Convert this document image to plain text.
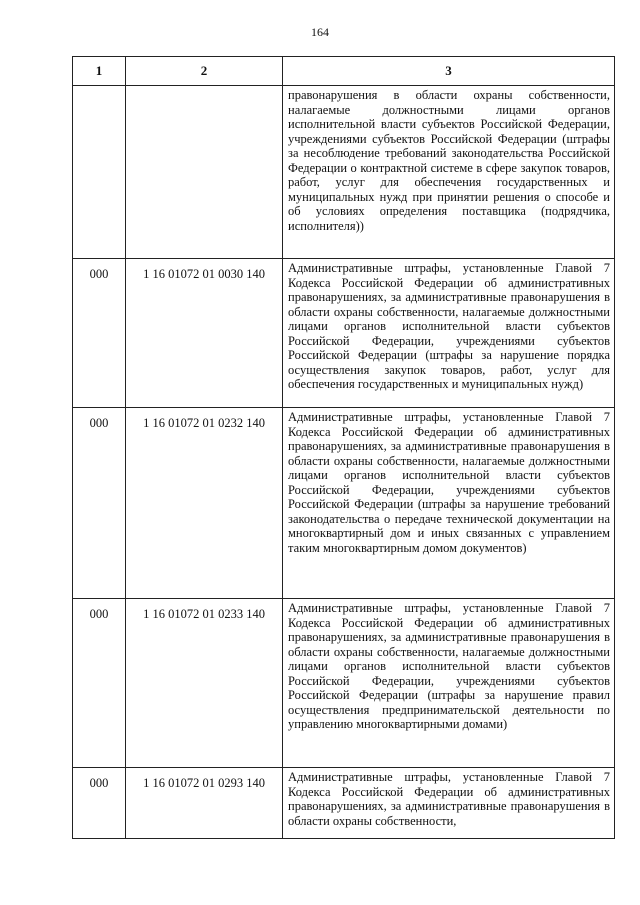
164
1	2	3
		правонарушения в области охраны собственности, налагаемые должностными лицами органов исполнительной власти субъектов Российской Федерации, учреждениями субъектов Российской Федерации (штрафы за несоблюдение требований законодательства Российской Федерации о контрактной системе в сфере закупок товаров, работ, услуг для обеспечения государственных и муниципальных нужд при принятии решения о способе и об условиях определения поставщика (подрядчика, исполнителя))
000	1 16 01072 01 0030 140	Административные штрафы, установленные Главой 7 Кодекса Российской Федерации об административных правонарушениях, за административные правонарушения в области охраны собственности, налагаемые должностными лицами органов исполнительной власти субъектов Российской Федерации, учреждениями субъектов Российской Федерации (штрафы за нарушение порядка осуществления закупок товаров, работ, услуг для обеспечения государственных и муниципальных нужд)
000	1 16 01072 01 0232 140	Административные штрафы, установленные Главой 7 Кодекса Российской Федерации об административных правонарушениях, за административные правонарушения в области охраны собственности, налагаемые должностными лицами органов исполнительной власти субъектов Российской Федерации, учреждениями субъектов Российской Федерации (штрафы за нарушение требований законодательства о передаче технической документации на многоквартирный дом и иных связанных с управлением таким многоквартирным домом документов)
000	1 16 01072 01 0233 140	Административные штрафы, установленные Главой 7 Кодекса Российской Федерации об административных правонарушениях, за административные правонарушения в области охраны собственности, налагаемые должностными лицами органов исполнительной власти субъектов Российской Федерации, учреждениями субъектов Российской Федерации (штрафы за нарушение правил осуществления предпринимательской деятельности по управлению многоквартирными домами)
000	1 16 01072 01 0293 140	Административные штрафы, установленные Главой 7 Кодекса Российской Федерации об административных правонарушениях, за административные правонарушения в области охраны собственности,
